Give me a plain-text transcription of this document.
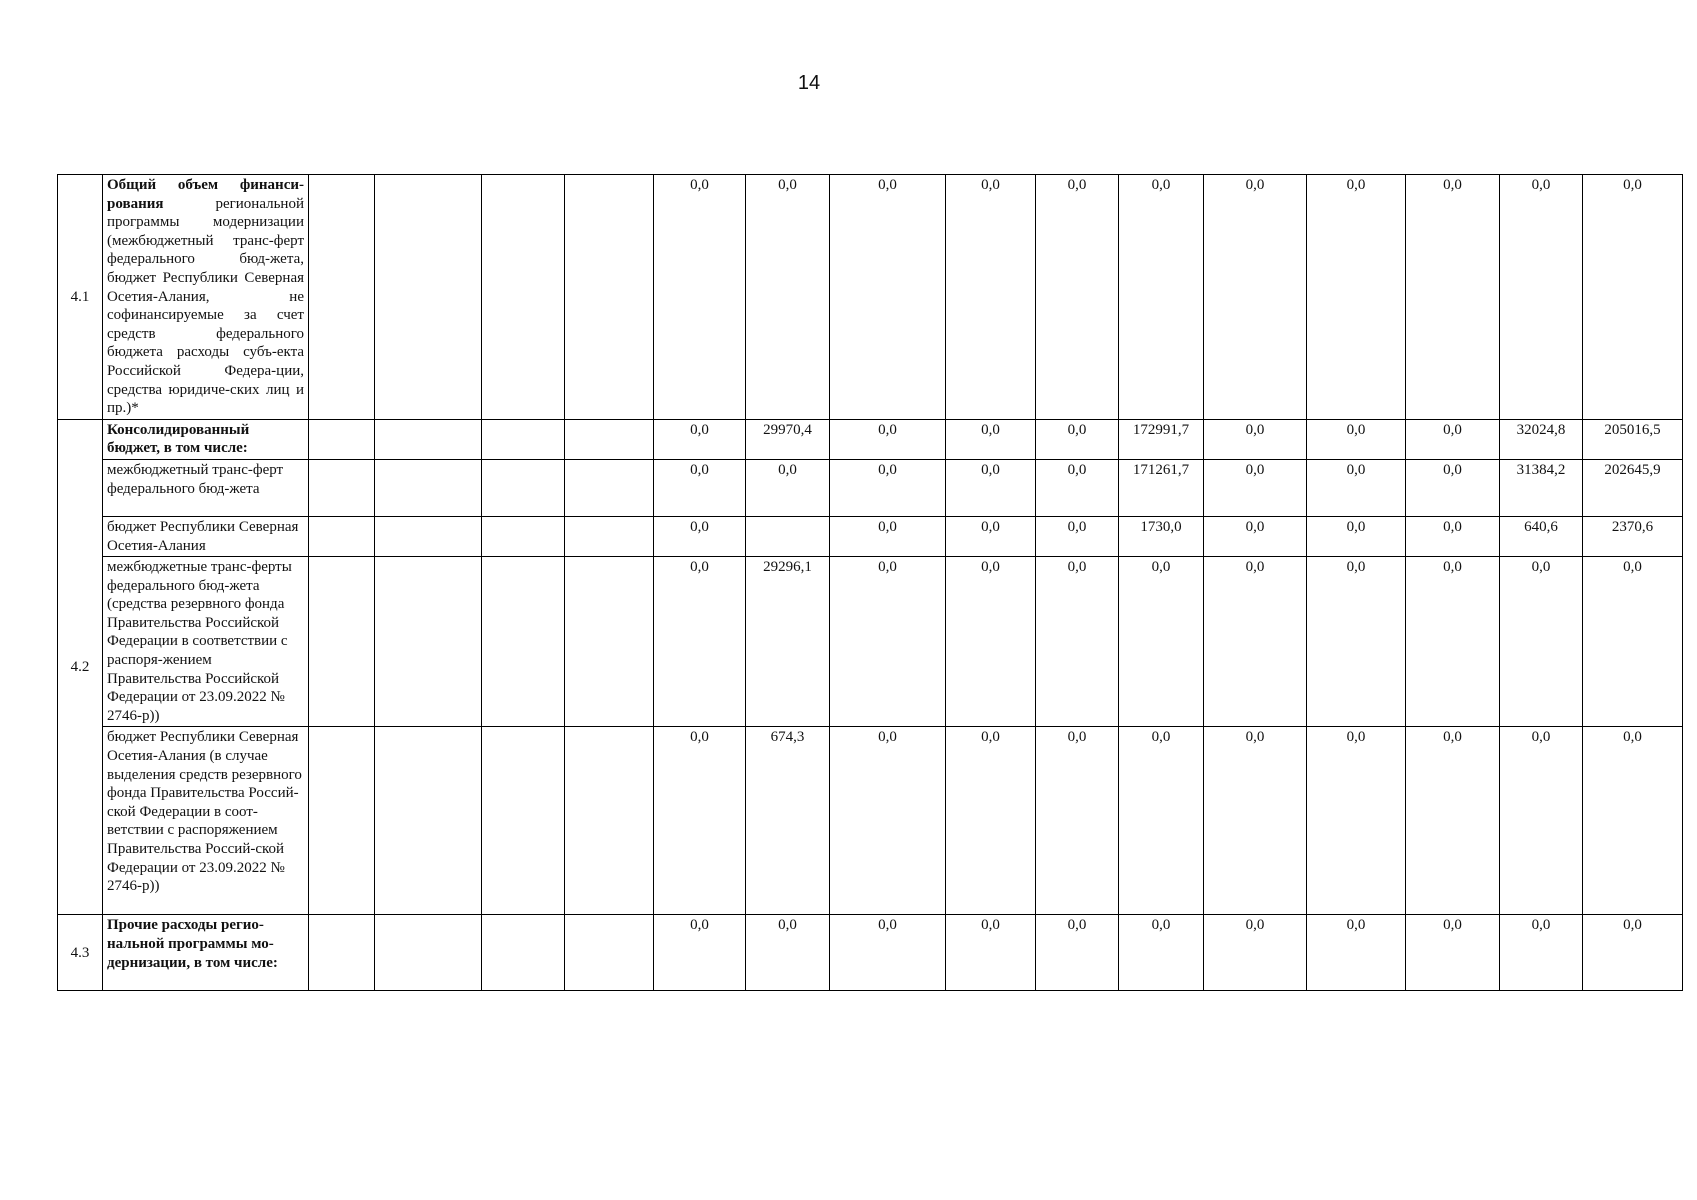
14
4.1	Общий объем финанси-рования региональной программы модернизации (межбюджетный транс-ферт федерального бюд-жета, бюджет Республики Северная Осетия-Алания, не софинансируемые за счет средств федерального бюджета расходы субъ-екта Российской Федера-ции, средства юридиче-ских лиц и пр.)*					0,0	0,0	0,0	0,0	0,0	0,0	0,0	0,0	0,0	0,0	0,0
4.2	Консолидированный бюджет, в том числе:					0,0	29970,4	0,0	0,0	0,0	172991,7	0,0	0,0	0,0	32024,8	205016,5
	межбюджетный транс-ферт федерального бюд-жета					0,0	0,0	0,0	0,0	0,0	171261,7	0,0	0,0	0,0	31384,2	202645,9
	бюджет Республики Северная Осетия-Алания					0,0		0,0	0,0	0,0	1730,0	0,0	0,0	0,0	640,6	2370,6
	межбюджетные транс-ферты федерального бюд-жета (средства резервного фонда Правительства Российской Федерации в соответствии с распоря-жением Правительства Российской Федерации от 23.09.2022 № 2746-р))					0,0	29296,1	0,0	0,0	0,0	0,0	0,0	0,0	0,0	0,0	0,0
	бюджет Республики Северная Осетия-Алания (в случае выделения средств резервного фонда Правительства Россий-ской Федерации в соот-ветствии с распоряжением Правительства Россий-ской Федерации от 23.09.2022 № 2746-р))					0,0	674,3	0,0	0,0	0,0	0,0	0,0	0,0	0,0	0,0	0,0
4.3	Прочие расходы регио-нальной программы мо-дернизации, в том числе:					0,0	0,0	0,0	0,0	0,0	0,0	0,0	0,0	0,0	0,0	0,0
